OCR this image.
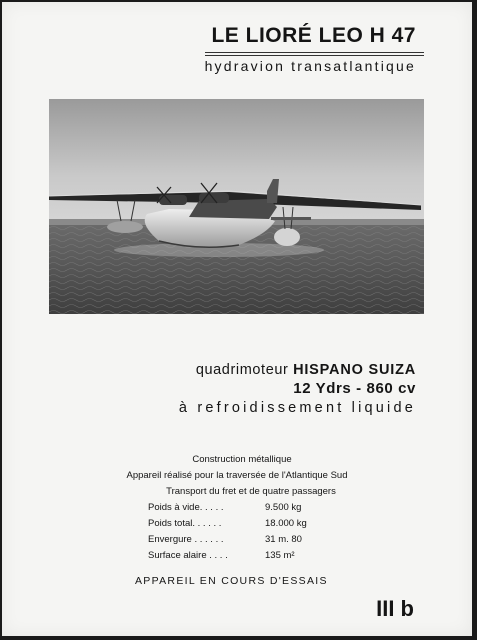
LE LIORÉ LEO H 47
hydravion transatlantique
quadrimoteur HISPANO SUIZA
12 Ydrs - 860 cv
à refroidissement liquide
Construction métallique
Appareil réalisé pour la traversée de l'Atlantique Sud
Transport du fret et de quatre passagers
Poids à vide. . . . .	9.500 kg
Poids total. . . . . .	18.000 kg
Envergure . . . . . .	31 m. 80
Surface alaire . . . .	135 m²
APPAREIL EN COURS D'ESSAIS
III b
